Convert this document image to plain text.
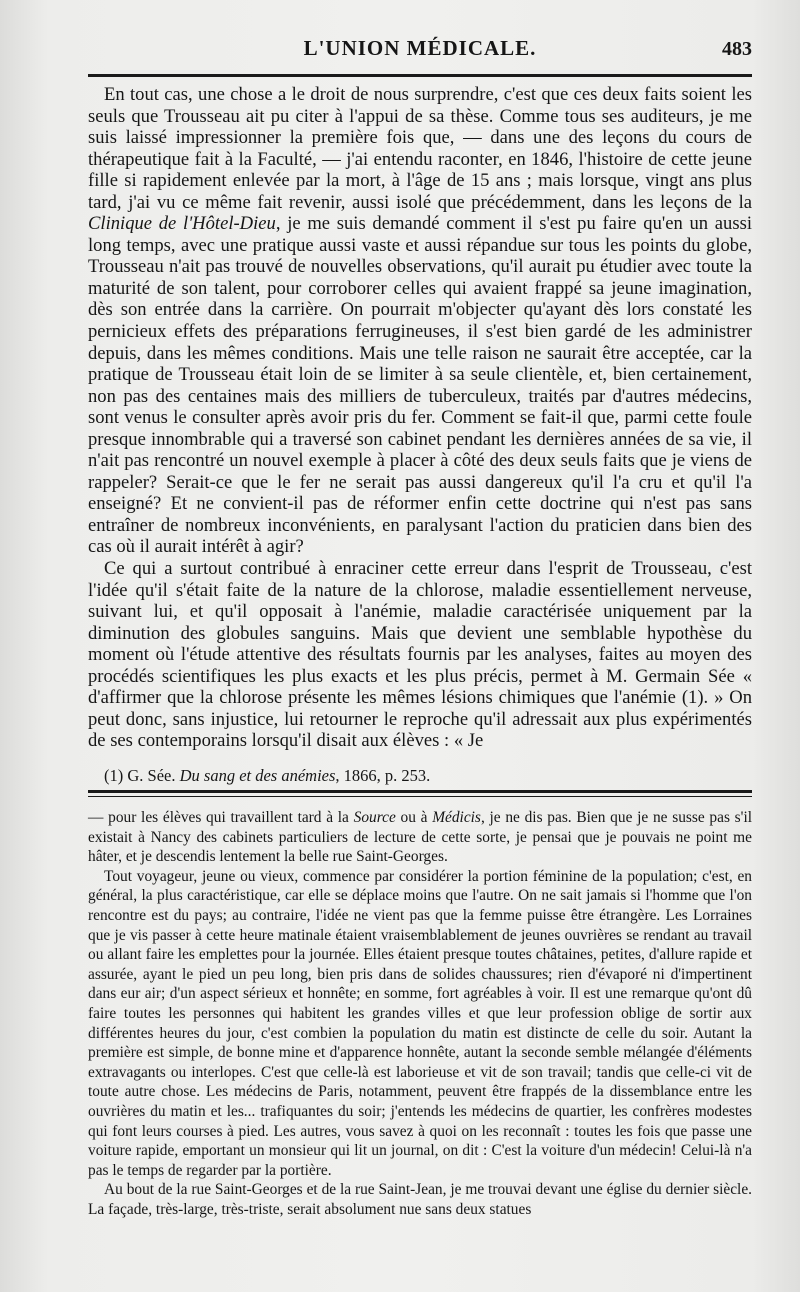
L'UNION MÉDICALE.	483

En tout cas, une chose a le droit de nous surprendre, c'est que ces deux faits soient les seuls que Trousseau ait pu citer à l'appui de sa thèse. Comme tous ses auditeurs, je me suis laissé impressionner la première fois que, — dans une des leçons du cours de thérapeutique fait à la Faculté, — j'ai entendu raconter, en 1846, l'histoire de cette jeune fille si rapidement enlevée par la mort, à l'âge de 15 ans ; mais lorsque, vingt ans plus tard, j'ai vu ce même fait revenir, aussi isolé que précédemment, dans les leçons de la Clinique de l'Hôtel-Dieu, je me suis demandé comment il s'est pu faire qu'en un aussi long temps, avec une pratique aussi vaste et aussi répandue sur tous les points du globe, Trousseau n'ait pas trouvé de nouvelles observations, qu'il aurait pu étudier avec toute la maturité de son talent, pour corroborer celles qui avaient frappé sa jeune imagination, dès son entrée dans la carrière. On pourrait m'objecter qu'ayant dès lors constaté les pernicieux effets des préparations ferrugineuses, il s'est bien gardé de les administrer depuis, dans les mêmes conditions. Mais une telle raison ne saurait être acceptée, car la pratique de Trousseau était loin de se limiter à sa seule clientèle, et, bien certainement, non pas des centaines mais des milliers de tuberculeux, traités par d'autres médecins, sont venus le consulter après avoir pris du fer. Comment se fait-il que, parmi cette foule presque innombrable qui a traversé son cabinet pendant les dernières années de sa vie, il n'ait pas rencontré un nouvel exemple à placer à côté des deux seuls faits que je viens de rappeler? Serait-ce que le fer ne serait pas aussi dangereux qu'il l'a cru et qu'il l'a enseigné? Et ne convient-il pas de réformer enfin cette doctrine qui n'est pas sans entraîner de nombreux inconvénients, en paralysant l'action du praticien dans bien des cas où il aurait intérêt à agir?

Ce qui a surtout contribué à enraciner cette erreur dans l'esprit de Trousseau, c'est l'idée qu'il s'était faite de la nature de la chlorose, maladie essentiellement nerveuse, suivant lui, et qu'il opposait à l'anémie, maladie caractérisée uniquement par la diminution des globules sanguins. Mais que devient une semblable hypothèse du moment où l'étude attentive des résultats fournis par les analyses, faites au moyen des procédés scientifiques les plus exacts et les plus précis, permet à M. Germain Sée « d'affirmer que la chlorose présente les mêmes lésions chimiques que l'anémie (1). » On peut donc, sans injustice, lui retourner le reproche qu'il adressait aux plus expérimentés de ses contemporains lorsqu'il disait aux élèves : « Je

(1) G. Sée. Du sang et des anémies, 1866, p. 253.

— pour les élèves qui travaillent tard à la Source ou à Médicis, je ne dis pas. Bien que je ne susse pas s'il existait à Nancy des cabinets particuliers de lecture de cette sorte, je pensai que je pouvais ne point me hâter, et je descendis lentement la belle rue Saint-Georges.

Tout voyageur, jeune ou vieux, commence par considérer la portion féminine de la population; c'est, en général, la plus caractéristique, car elle se déplace moins que l'autre. On ne sait jamais si l'homme que l'on rencontre est du pays; au contraire, l'idée ne vient pas que la femme puisse être étrangère. Les Lorraines que je vis passer à cette heure matinale étaient vraisemblablement de jeunes ouvrières se rendant au travail ou allant faire les emplettes pour la journée. Elles étaient presque toutes châtaines, petites, d'allure rapide et assurée, ayant le pied un peu long, bien pris dans de solides chaussures; rien d'évaporé ni d'impertinent dans eur air; d'un aspect sérieux et honnête; en somme, fort agréables à voir. Il est une remarque qu'ont dû faire toutes les personnes qui habitent les grandes villes et que leur profession oblige de sortir aux différentes heures du jour, c'est combien la population du matin est distincte de celle du soir. Autant la première est simple, de bonne mine et d'apparence honnête, autant la seconde semble mélangée d'éléments extravagants ou interlopes. C'est que celle-là est laborieuse et vit de son travail; tandis que celle-ci vit de toute autre chose. Les médecins de Paris, notamment, peuvent être frappés de la dissemblance entre les ouvrières du matin et les... trafiquantes du soir; j'entends les médecins de quartier, les confrères modestes qui font leurs courses à pied. Les autres, vous savez à quoi on les reconnaît : toutes les fois que passe une voiture rapide, emportant un monsieur qui lit un journal, on dit : C'est la voiture d'un médecin! Celui-là n'a pas le temps de regarder par la portière.

Au bout de la rue Saint-Georges et de la rue Saint-Jean, je me trouvai devant une église du dernier siècle. La façade, très-large, très-triste, serait absolument nue sans deux statues
